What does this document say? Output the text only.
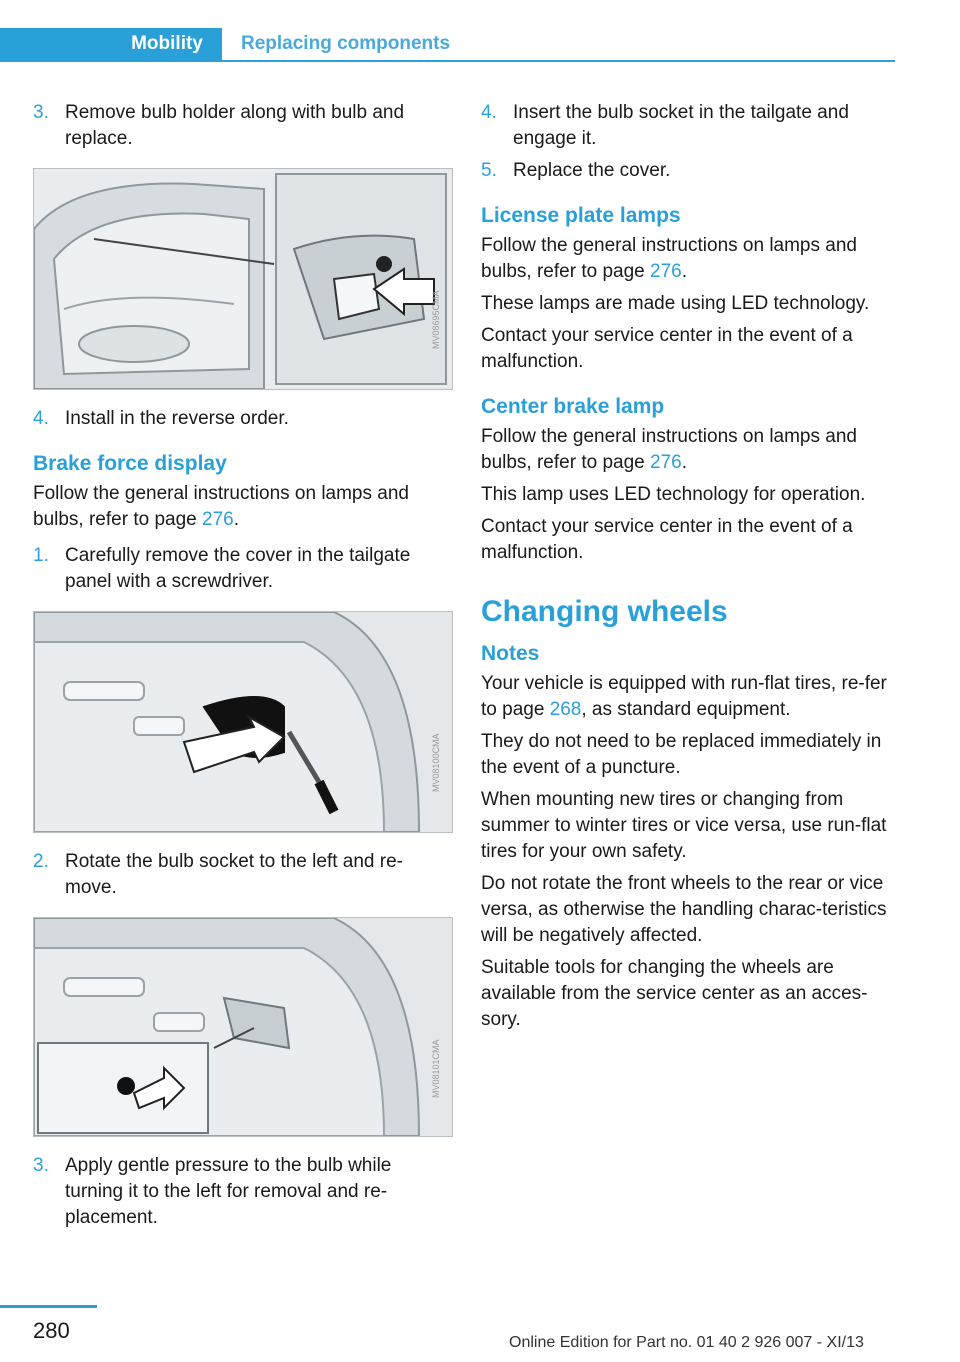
Mobility	Replacing components
3. Remove bulb holder along with bulb and replace.
MV08695CMA
4. Install in the reverse order.
Brake force display

Follow the general instructions on lamps and bulbs, refer to page 276.

1. Carefully remove the cover in the tailgate panel with a screwdriver.
MV08100CMA
2. Rotate the bulb socket to the left and re-move.
MV08101CMA
3. Apply gentle pressure to the bulb while turning it to the left for removal and re-placement.
4. Insert the bulb socket in the tailgate and engage it.
5. Replace the cover.
License plate lamps

Follow the general instructions on lamps and bulbs, refer to page 276.

These lamps are made using LED technology.

Contact your service center in the event of a malfunction.

Center brake lamp

Follow the general instructions on lamps and bulbs, refer to page 276.

This lamp uses LED technology for operation.

Contact your service center in the event of a malfunction.

Changing wheels
Notes

Your vehicle is equipped with run-flat tires, re-fer to page 268, as standard equipment.

They do not need to be replaced immediately in the event of a puncture.

When mounting new tires or changing from summer to winter tires or vice versa, use run-flat tires for your own safety.

Do not rotate the front wheels to the rear or vice versa, as otherwise the handling charac-teristics will be negatively affected.

Suitable tools for changing the wheels are available from the service center as an acces-sory.

280	Online Edition for Part no. 01 40 2 926 007 - XI/13
